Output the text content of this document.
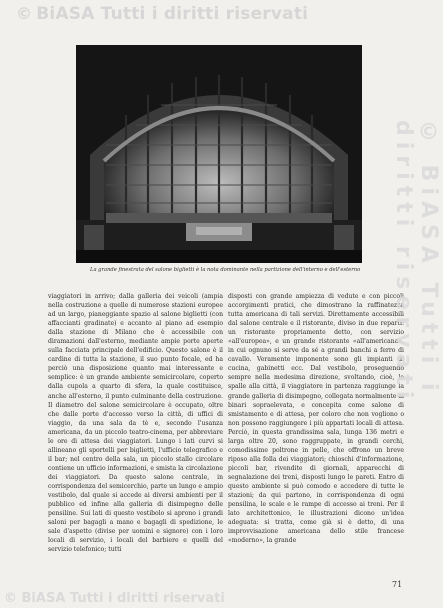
© BiASA Tutti i diritti riservati
La grande finestrata del salone biglietti è la nota dominante nella partizione dell'interno e dell'esterno

viaggiatori in arrivo; dalla galleria dei veicoli (ampia nella costruzione a quelle di numerose stazioni europee ad un largo, pianeggiante spazio al salone biglietti (con affaccianti gradinate) e accanto al piano ad esempio dalla stazione di Milano che è accessibile con diramazioni dall'esterno, mediante ampie porte aperte sulla facciata principale dell'edificio. Questo salone è il cardine di tutta la stazione, il suo punto focale, ed ha perciò una disposizione quanto mai interessante e semplice: è un grande ambiente semicircolare, coperto dalla cupola a quarto di sfera, la quale costituisce, anche all'esterno, il punto culminante della costruzione. Il diametro del salone semicircolare è occupato, oltre che dalle porte d'accesso verso la città, di uffici di viaggio, da una sala da tè e, secondo l'usanza americana, da un piccolo teatro-cinema, per abbreviare le ore di attesa dei viaggiatori. Lungo i lati curvi si allineano gli sportelli per biglietti, l'ufficio telegrafico e il bar; nel centro della sala, un piccolo stallo circolare contiene un ufficio informazioni, e smista la circolazione dei viaggiatori. Da questo salone centrale, in corrispondenza del semicerchio, parte un lungo e ampio vestibolo, dal quale si accede ai diversi ambienti per il pubblico ed infine alla galleria di disimpegno delle pensiline. Sui lati di questo vestibolo si aprono i grandi saloni per bagagli a mano e bagagli di spedizione, le sale d'aspetto (divise per uomini e signore) con i loro locali di servizio, i locali del barbiere e quelli del servizio telefonico; tutti

disposti con grande ampiezza di vedute e con piccoli accorgimenti pratici, che dimostrano la raffinatezza tutta americana di tali servizi. Direttamente accessibili dal salone centrale e il ristorante, diviso in due reparti: un ristorante propriamente detto, con servizio «all'europea», e un grande ristorante «all'americana», in cui ognuno si serve da sé a grandi banchi a ferro di cavallo. Veramente imponente sono gli impianti di cucina, gabinetti ecc. Dal vestibolo, proseguendo sempre nella medesima direzione, svoltando, cioè, le spalle alla città, il viaggiatore in partenza raggiunge la grande galleria di disimpegno, collegata normalmente ai binari sopraelevata, e concepita come salone di smistamento e di attesa, per coloro che non vogliono o non possono raggiungere i più appartati locali di attesa. Perciò, in questa grandissima sala, lunga 136 metri e larga oltre 20, sono raggruppate, in grandi cerchi, comodissime poltrone in pelle, che offrono un breve riposo alla folla dei viaggiatori; chioschi d'informazione, piccoli bar, rivendite di giornali, apparecchi di segnalazione dei treni, disposti lungo le pareti. Entro di questo ambiente si può comodo e accedere di tutte le stazioni; da qui partono, in corrispondenza di ogni pensilina, le scale e le rampe di accesso ai treni. Per il lato architettonico, le illustrazioni dicono un'idea adeguata: si tratta, come già si è detto, di una improvvisazione americana dello stile francese «moderno», la grande

71
© BiASA Tutti i diritti riservati
© BiASA Tutti i diritti riservati
